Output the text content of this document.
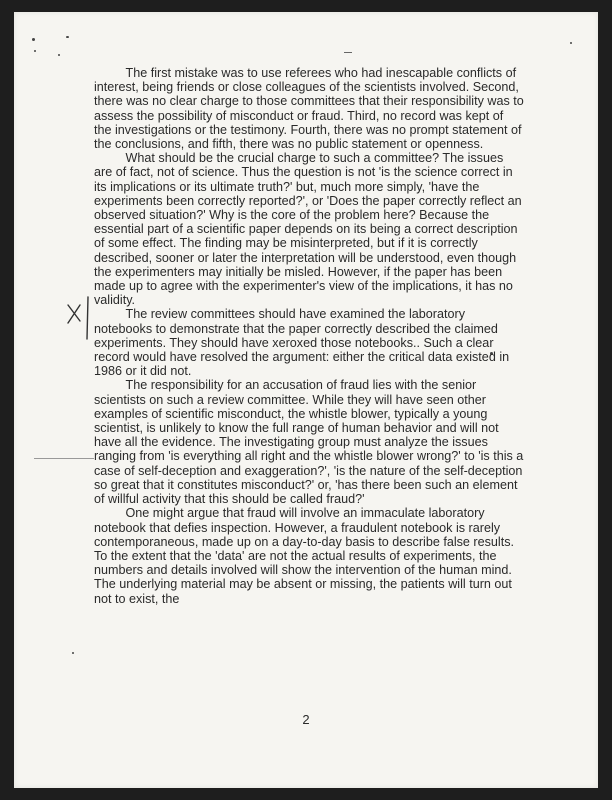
The first mistake was to use referees who had inescapable conflicts of interest, being friends or close colleagues of the scientists involved. Second, there was no clear charge to those committees that their responsibility was to assess the possibility of misconduct or fraud. Third, no record was kept of the investigations or the testimony. Fourth, there was no prompt statement of the conclusions, and fifth, there was no public statement or openness.

What should be the crucial charge to such a committee? The issues are of fact, not of science. Thus the question is not 'is the science correct in its implications or its ultimate truth?' but, much more simply, 'have the experiments been correctly reported?', or 'Does the paper correctly reflect an observed situation?' Why is the core of the problem here? Because the essential part of a scientific paper depends on its being a correct description of some effect. The finding may be misinterpreted, but if it is correctly described, sooner or later the interpretation will be understood, even though the experimenters may initially be misled. However, if the paper has been made up to agree with the experimenter's view of the implications, it has no validity.

The review committees should have examined the laboratory notebooks to demonstrate that the paper correctly described the claimed experiments. They should have xeroxed those notebooks.. Such a clear record would have resolved the argument: either the critical data existed in 1986 or it did not.

The responsibility for an accusation of fraud lies with the senior scientists on such a review committee. While they will have seen other examples of scientific misconduct, the whistle blower, typically a young scientist, is unlikely to know the full range of human behavior and will not have all the evidence. The investigating group must analyze the issues ranging from 'is everything all right and the whistle blower wrong?' to 'is this a case of self-deception and exaggeration?', 'is the nature of the self-deception so great that it constitutes misconduct?' or, 'has there been such an element of willful activity that this should be called fraud?'

One might argue that fraud will involve an immaculate laboratory notebook that defies inspection. However, a fraudulent notebook is rarely contemporaneous, made up on a day-to-day basis to describe false results. To the extent that the 'data' are not the actual results of experiments, the numbers and details involved will show the intervention of the human mind. The underlying material may be absent or missing, the patients will turn out not to exist, the

2
